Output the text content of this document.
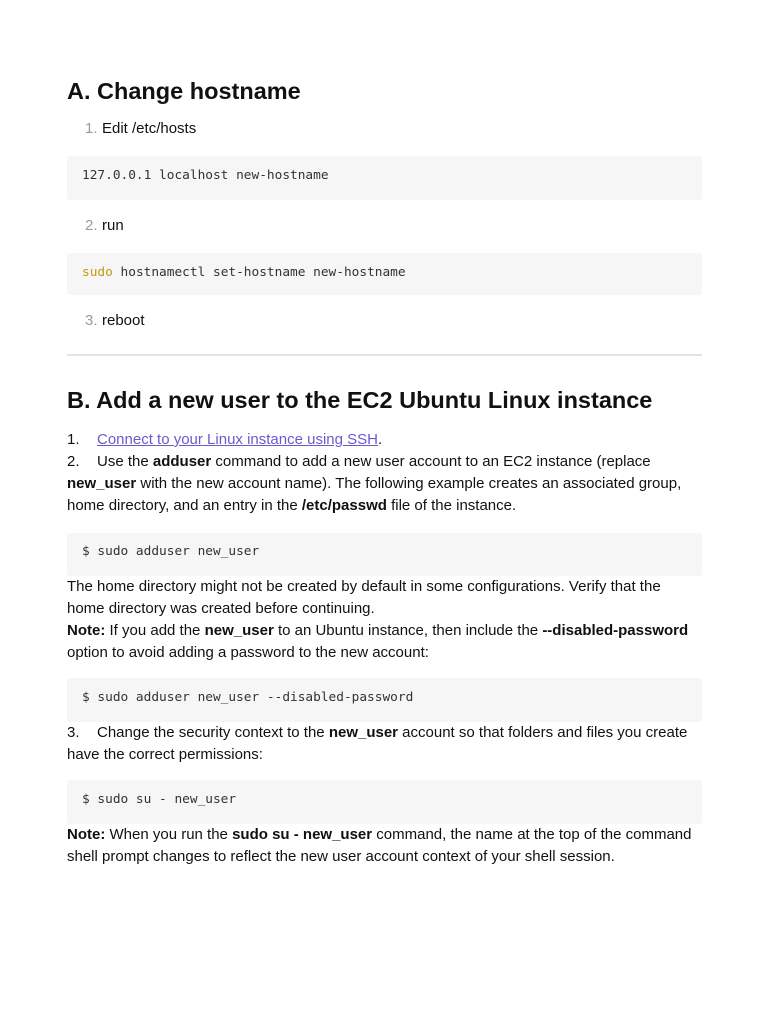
A. Change hostname
1. Edit /etc/hosts
127.0.0.1 localhost new-hostname
2. run
sudo hostnamectl set-hostname new-hostname
3. reboot
B. Add a new user to the EC2 Ubuntu Linux instance

1. Connect to your Linux instance using SSH.

2. Use the adduser command to add a new user account to an EC2 instance (replace new_user with the new account name). The following example creates an associated group, home directory, and an entry in the /etc/passwd file of the instance.

$ sudo adduser new_user

The home directory might not be created by default in some configurations. Verify that the home directory was created before continuing.

Note: If you add the new_user to an Ubuntu instance, then include the --disabled-password option to avoid adding a password to the new account:

$ sudo adduser new_user --disabled-password

3. Change the security context to the new_user account so that folders and files you create have the correct permissions:

$ sudo su - new_user

Note: When you run the sudo su - new_user command, the name at the top of the command shell prompt changes to reflect the new user account context of your shell session.
